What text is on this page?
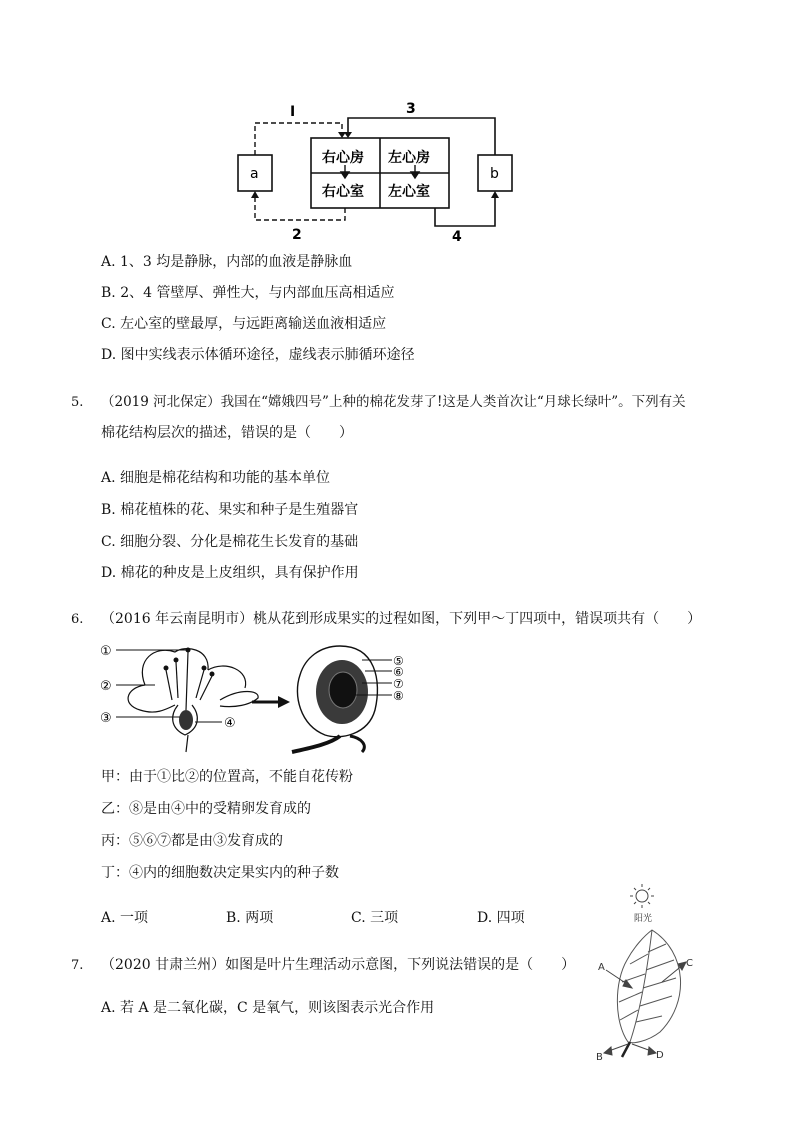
右心房 左心房
右心室 左心室
a	b
I	3
2	4
A. 1、3 均是静脉，内部的血液是静脉血
B. 2、4 管壁厚、弹性大，与内部血压高相适应
C. 左心室的壁最厚，与远距离输送血液相适应
D. 图中实线表示体循环途径，虚线表示肺循环途径
5. （2019 河北保定）我国在“嫦娥四号”上种的棉花发芽了!这是人类首次让“月球长绿叶”。下列有关
棉花结构层次的描述，错误的是（　　）
A. 细胞是棉花结构和功能的基本单位
B. 棉花植株的花、果实和种子是生殖器官
C. 细胞分裂、分化是棉花生长发育的基础
D. 棉花的种皮是上皮组织，具有保护作用
6. （2016 年云南昆明市）桃从花到形成果实的过程如图，下列甲～丁四项中，错误项共有（　　）
①
②
③	④
⑤
⑥
⑦
⑧
甲：由于①比②的位置高，不能自花传粉
乙：⑧是由④中的受精卵发育成的
丙：⑤⑥⑦都是由③发育成的
丁：④内的细胞数决定果实内的种子数
A. 一项	B. 两项	C. 三项	D. 四项
7. （2020 甘肃兰州）如图是叶片生理活动示意图，下列说法错误的是（　　）
A. 若 A 是二氧化碳，C 是氧气，则该图表示光合作用
阳光
A	C
B	D
